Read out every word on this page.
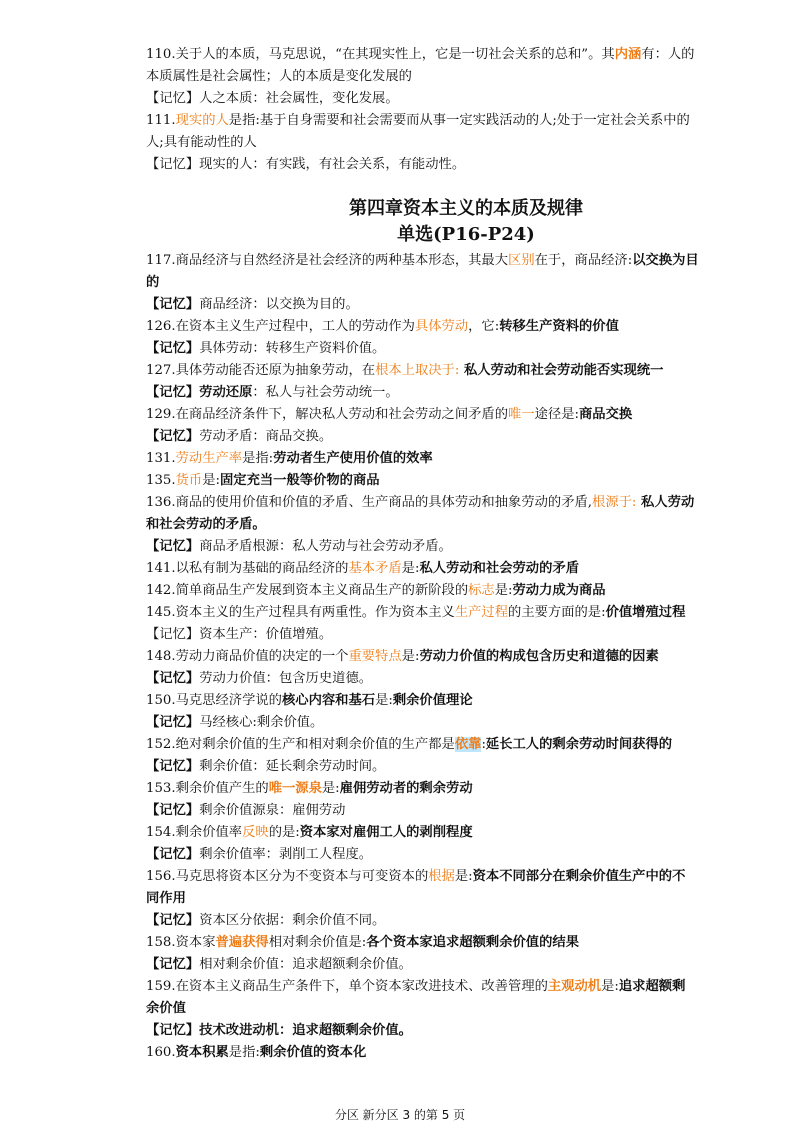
110.关于人的本质，马克思说，“在其现实性上，它是一切社会关系的总和”。其内涵有：人的
本质属性是社会属性；人的本质是变化发展的
【记忆】人之本质：社会属性，变化发展。
111.现实的人是指:基于自身需要和社会需要而从事一定实践活动的人;处于一定社会关系中的
人;具有能动性的人
【记忆】现实的人：有实践，有社会关系，有能动性。
第四章资本主义的本质及规律
单选(P16-P24)
117.商品经济与自然经济是社会经济的两种基本形态，其最大区别在于，商品经济:以交换为目
的
【记忆】商品经济：以交换为目的。
126.在资本主义生产过程中，工人的劳动作为具体劳动，它:转移生产资料的价值
【记忆】具体劳动：转移生产资料价值。
127.具体劳动能否还原为抽象劳动，在根本上取决于: 私人劳动和社会劳动能否实现统一
【记忆】劳动还原：私人与社会劳动统一。
129.在商品经济条件下，解决私人劳动和社会劳动之间矛盾的唯一途径是:商品交换
【记忆】劳动矛盾：商品交换。
131.劳动生产率是指:劳动者生产使用价值的效率
135.货币是:固定充当一般等价物的商品
136.商品的使用价值和价值的矛盾、生产商品的具体劳动和抽象劳动的矛盾,根源于: 私人劳动
和社会劳动的矛盾。
【记忆】商品矛盾根源：私人劳动与社会劳动矛盾。
141.以私有制为基础的商品经济的基本矛盾是:私人劳动和社会劳动的矛盾
142.简单商品生产发展到资本主义商品生产的新阶段的标志是:劳动力成为商品
145.资本主义的生产过程具有两重性。作为资本主义生产过程的主要方面的是:价值增殖过程
【记忆】资本生产：价值增殖。
148.劳动力商品价值的决定的一个重要特点是:劳动力价值的构成包含历史和道德的因素
【记忆】劳动力价值：包含历史道德。
150.马克思经济学说的核心内容和基石是:剩余价值理论
【记忆】马经核心:剩余价值。
152.绝对剩余价值的生产和相对剩余价值的生产都是依靠:延长工人的剩余劳动时间获得的
【记忆】剩余价值：延长剩余劳动时间。
153.剩余价值产生的唯一源泉是:雇佣劳动者的剩余劳动
【记忆】剩余价值源泉：雇佣劳动
154.剩余价值率反映的是:资本家对雇佣工人的剥削程度
【记忆】剩余价值率：剥削工人程度。
156.马克思将资本区分为不变资本与可变资本的根据是:资本不同部分在剩余价值生产中的不
同作用
【记忆】资本区分依据：剩余价值不同。
158.资本家普遍获得相对剩余价值是:各个资本家追求超额剩余价值的结果
【记忆】相对剩余价值：追求超额剩余价值。
159.在资本主义商品生产条件下，单个资本家改进技术、改善管理的主观动机是:追求超额剩
余价值
【记忆】技术改进动机：追求超额剩余价值。
160.资本积累是指:剩余价值的资本化
分区 新分区 3 的第 5 页
